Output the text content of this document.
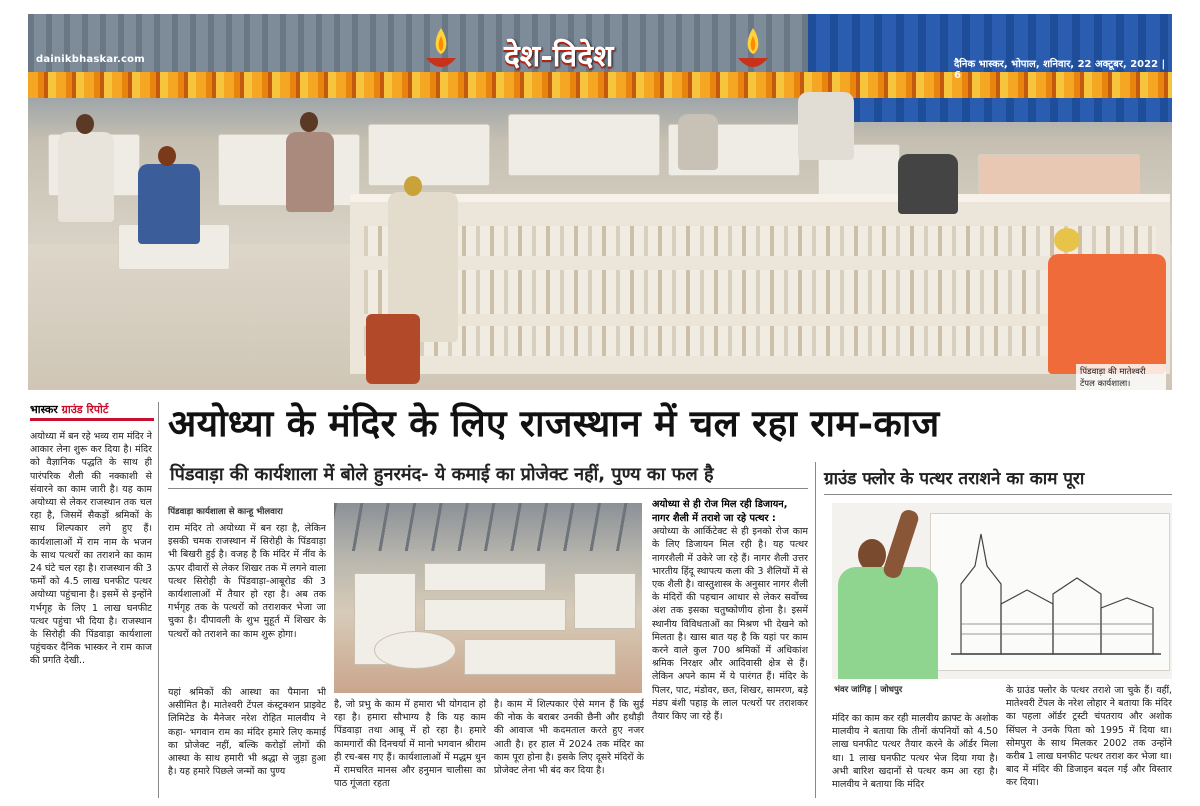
dainikbhaskar.com	देश-विदेश	दैनिक भास्कर, भोपाल, शनिवार, 22 अक्टूबर, 2022 | 6
पिंडवाड़ा की मातेश्वरी टेंपल कार्यशाला।
भास्कर ग्राउंड रिपोर्ट अयोध्या के मंदिर के लिए राजस्थान में चल रहा राम-काज
पिंडवाड़ा की कार्यशाला में बोले हुनरमंद- ये कमाई का प्रोजेक्ट नहीं, पुण्य का फल है	ग्राउंड फ्लोर के पत्थर तराशने का काम पूरा

अयोध्या में बन रहे भव्य राम मंदिर ने आकार लेना शुरू कर दिया है। मंदिर को वैज्ञानिक पद्धति के साथ ही पारंपरिक शैली की नक्काशी से संवारने का काम जारी है। यह काम अयोध्या से लेकर राजस्थान तक चल रहा है, जिसमें सैकड़ों श्रमिकों के साथ शिल्पकार लगे हुए हैं। कार्यशालाओं में राम नाम के भजन के साथ पत्थरों का तराशने का काम 24 घंटे चल रहा है। राजस्थान की 3 फर्मों को 4.5 लाख घनफीट पत्थर अयोध्या पहुंचाना है। इसमें से इन्होंने गर्भगृह के लिए 1 लाख घनफीट पत्थर पहुंचा भी दिया है। राजस्थान के सिरोही की पिंडवाड़ा कार्यशाला पहुंचकर दैनिक भास्कर ने राम काज की प्रगति देखी..

पिंडवाड़ा कार्यशाला से कान्हू भीलवारा

राम मंदिर तो अयोध्या में बन रहा है, लेकिन इसकी चमक राजस्थान में सिरोही के पिंडवाड़ा भी बिखरी हुई है। वजह है कि मंदिर में नींव के ऊपर दीवारों से लेकर शिखर तक में लगने वाला पत्थर सिरोही के पिंडवाड़ा-आबूरोड की 3 कार्यशालाओं में तैयार हो रहा है। अब तक गर्भगृह तक के पत्थरों को तराशकर भेजा जा चुका है। दीपावली के शुभ मुहूर्त में शिखर के पत्थरों को तराशने का काम शुरू होगा।

यहां श्रमिकों की आस्था का पैमाना भी असीमित है। मातेश्वरी टेंपल कंस्ट्रक्शन प्राइवेट लिमिटेड के मैनेजर नरेश रोहित मालवीय ने कहा- भगवान राम का मंदिर हमारे लिए कमाई का प्रोजेक्ट नहीं, बल्कि करोड़ों लोगों की आस्था के साथ हमारी भी श्रद्धा से जुड़ा हुआ है। यह हमारे पिछले जन्मों का पुण्य

है, जो प्रभु के काम में हमारा भी योगदान हो रहा है। हमारा सौभाग्य है कि यह काम पिंडवाड़ा तथा आबू में हो रहा है। हमारे कामगारों की दिनचर्या में मानो भगवान श्रीराम ही रच-बस गए हैं। कार्यशालाओं में मद्धम धुन में रामचरित मानस और हनुमान चालीसा का पाठ गूंजता रहता

है। काम में शिल्पकार ऐसे मगन हैं कि सुई की नोक के बराबर उनकी छैनी और हथौड़ी की आवाज भी कदमताल करते हुए नजर आती है। हर हाल में 2024 तक मंदिर का काम पूरा होना है। इसके लिए दूसरे मंदिरों के प्रोजेक्ट लेना भी बंद कर दिया है।

अयोध्या से ही रोज मिल रही डिजायन, नागर शैली में तराशे जा रहे पत्थर :

अयोध्या के आर्किटेक्ट से ही इनको रोज काम के लिए डिजायन मिल रही है। यह पत्थर नागरशैली में उकेरे जा रहे हैं। नागर शैली उत्तर भारतीय हिंदू स्थापत्य कला की 3 शैलियों में से एक शैली है। वास्तुशास्त्र के अनुसार नागर शैली के मंदिरों की पहचान आधार से लेकर सर्वोच्च अंश तक इसका चतुष्कोणीय होना है। इसमें स्थानीय विविधताओं का मिश्रण भी देखने को मिलता है। खास बात यह है कि यहां पर काम करने वाले कुल 700 श्रमिकों में अधिकांश श्रमिक निरक्षर और आदिवासी क्षेत्र से हैं। लेकिन अपने काम में ये पारंगत हैं। मंदिर के पिलर, पाट, मंडोवर, छत, शिखर, सामरण, बड़े मंडप बंशी पहाड़ के लाल पत्थरों पर तराशकर तैयार किए जा रहे हैं।

भंवर जांगिड़ | जोधपुर

मंदिर का काम कर रही मालवीय क्राफ्ट के अशोक मालवीय ने बताया कि तीनों कंपनियों को 4.50 लाख घनफीट पत्थर तैयार करने के ऑर्डर मिला था। 1 लाख घनफीट पत्थर भेज दिया गया है। अभी बारिश खदानों से पत्थर कम आ रहा है। मालवीय ने बताया कि मंदिर

के ग्राउंड फ्लोर के पत्थर तराशे जा चुके हैं। वहीं, मातेश्वरी टेंपल के नरेश लोहार ने बताया कि मंदिर का पहला ऑर्डर ट्रस्टी चंपतराय और अशोक सिंघल ने उनके पिता को 1995 में दिया था। सोमपुरा के साथ मिलकर 2002 तक उन्होंने करीब 1 लाख घनफीट पत्थर तराश कर भेजा था। बाद में मंदिर की डिजाइन बदल गई और विस्तार कर दिया।
